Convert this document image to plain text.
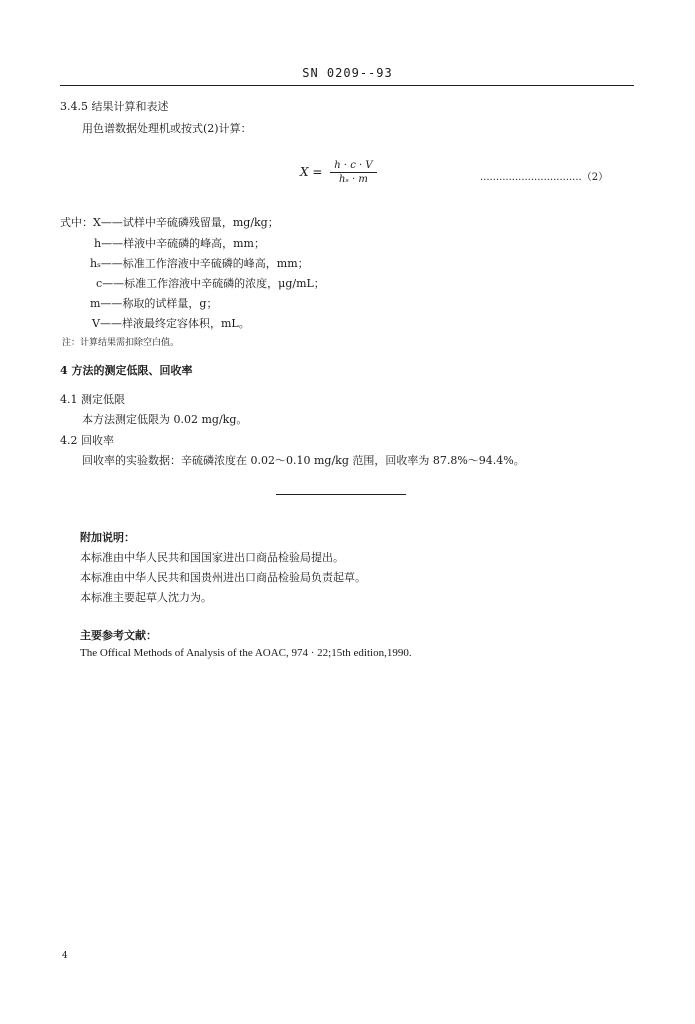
SN 0209--93
3.4.5 结果计算和表述
用色谱数据处理机或按式(2)计算：
$X = \frac{h \cdot c \cdot V}{\text{hₛ · m}}$	................................（2）
式中：X——试样中辛硫磷残留量，mg/kg；
h——样液中辛硫磷的峰高，mm；
hₛ——标准工作溶液中辛硫磷的峰高，mm；
c——标准工作溶液中辛硫磷的浓度，μg/mL；
m——称取的试样量，g；
V——样液最终定容体积，mL。
注：计算结果需扣除空白值。
4 方法的测定低限、回收率
4.1 测定低限
本方法测定低限为 0.02 mg/kg。
4.2 回收率
回收率的实验数据：辛硫磷浓度在 0.02～0.10 mg/kg 范围，回收率为 87.8%～94.4%。
附加说明：
本标准由中华人民共和国国家进出口商品检验局提出。
本标准由中华人民共和国贵州进出口商品检验局负责起草。
本标准主要起草人沈力为。
主要参考文献：
The Offical Methods of Analysis of the AOAC, 974 · 22;15th edition,1990.
4
